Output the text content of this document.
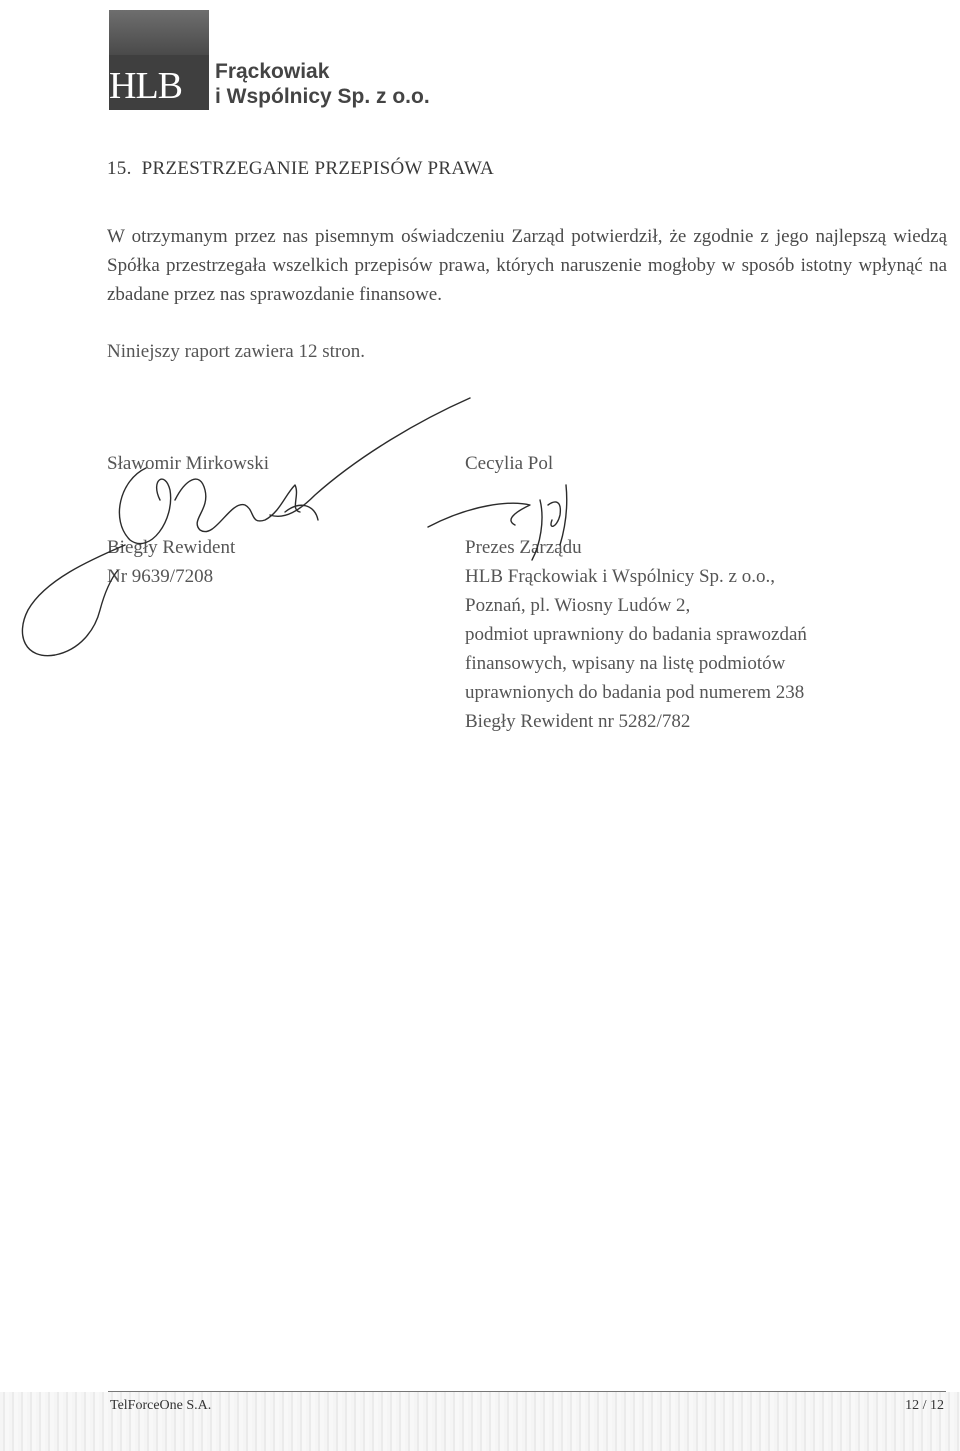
HLB Frąckowiak
i Wspólnicy Sp. z o.o.
15. PRZESTRZEGANIE PRZEPISÓW PRAWA
W otrzymanym przez nas pisemnym oświadczeniu Zarząd potwierdził, że zgodnie z jego najlepszą wiedzą Spółka przestrzegała wszelkich przepisów prawa, których naruszenie mogłoby w sposób istotny wpłynąć na zbadane przez nas sprawozdanie finansowe.
Niniejszy raport zawiera 12 stron.
Sławomir Mirkowski
Biegły Rewident
Nr 9639/7208
Cecylia Pol
Prezes Zarządu
HLB Frąckowiak i Wspólnicy Sp. z o.o.,
Poznań, pl. Wiosny Ludów 2,
podmiot uprawniony do badania sprawozdań
finansowych, wpisany na listę podmiotów
uprawnionych do badania pod numerem 238
Biegły Rewident nr 5282/782
TelForceOne S.A.	12 / 12
